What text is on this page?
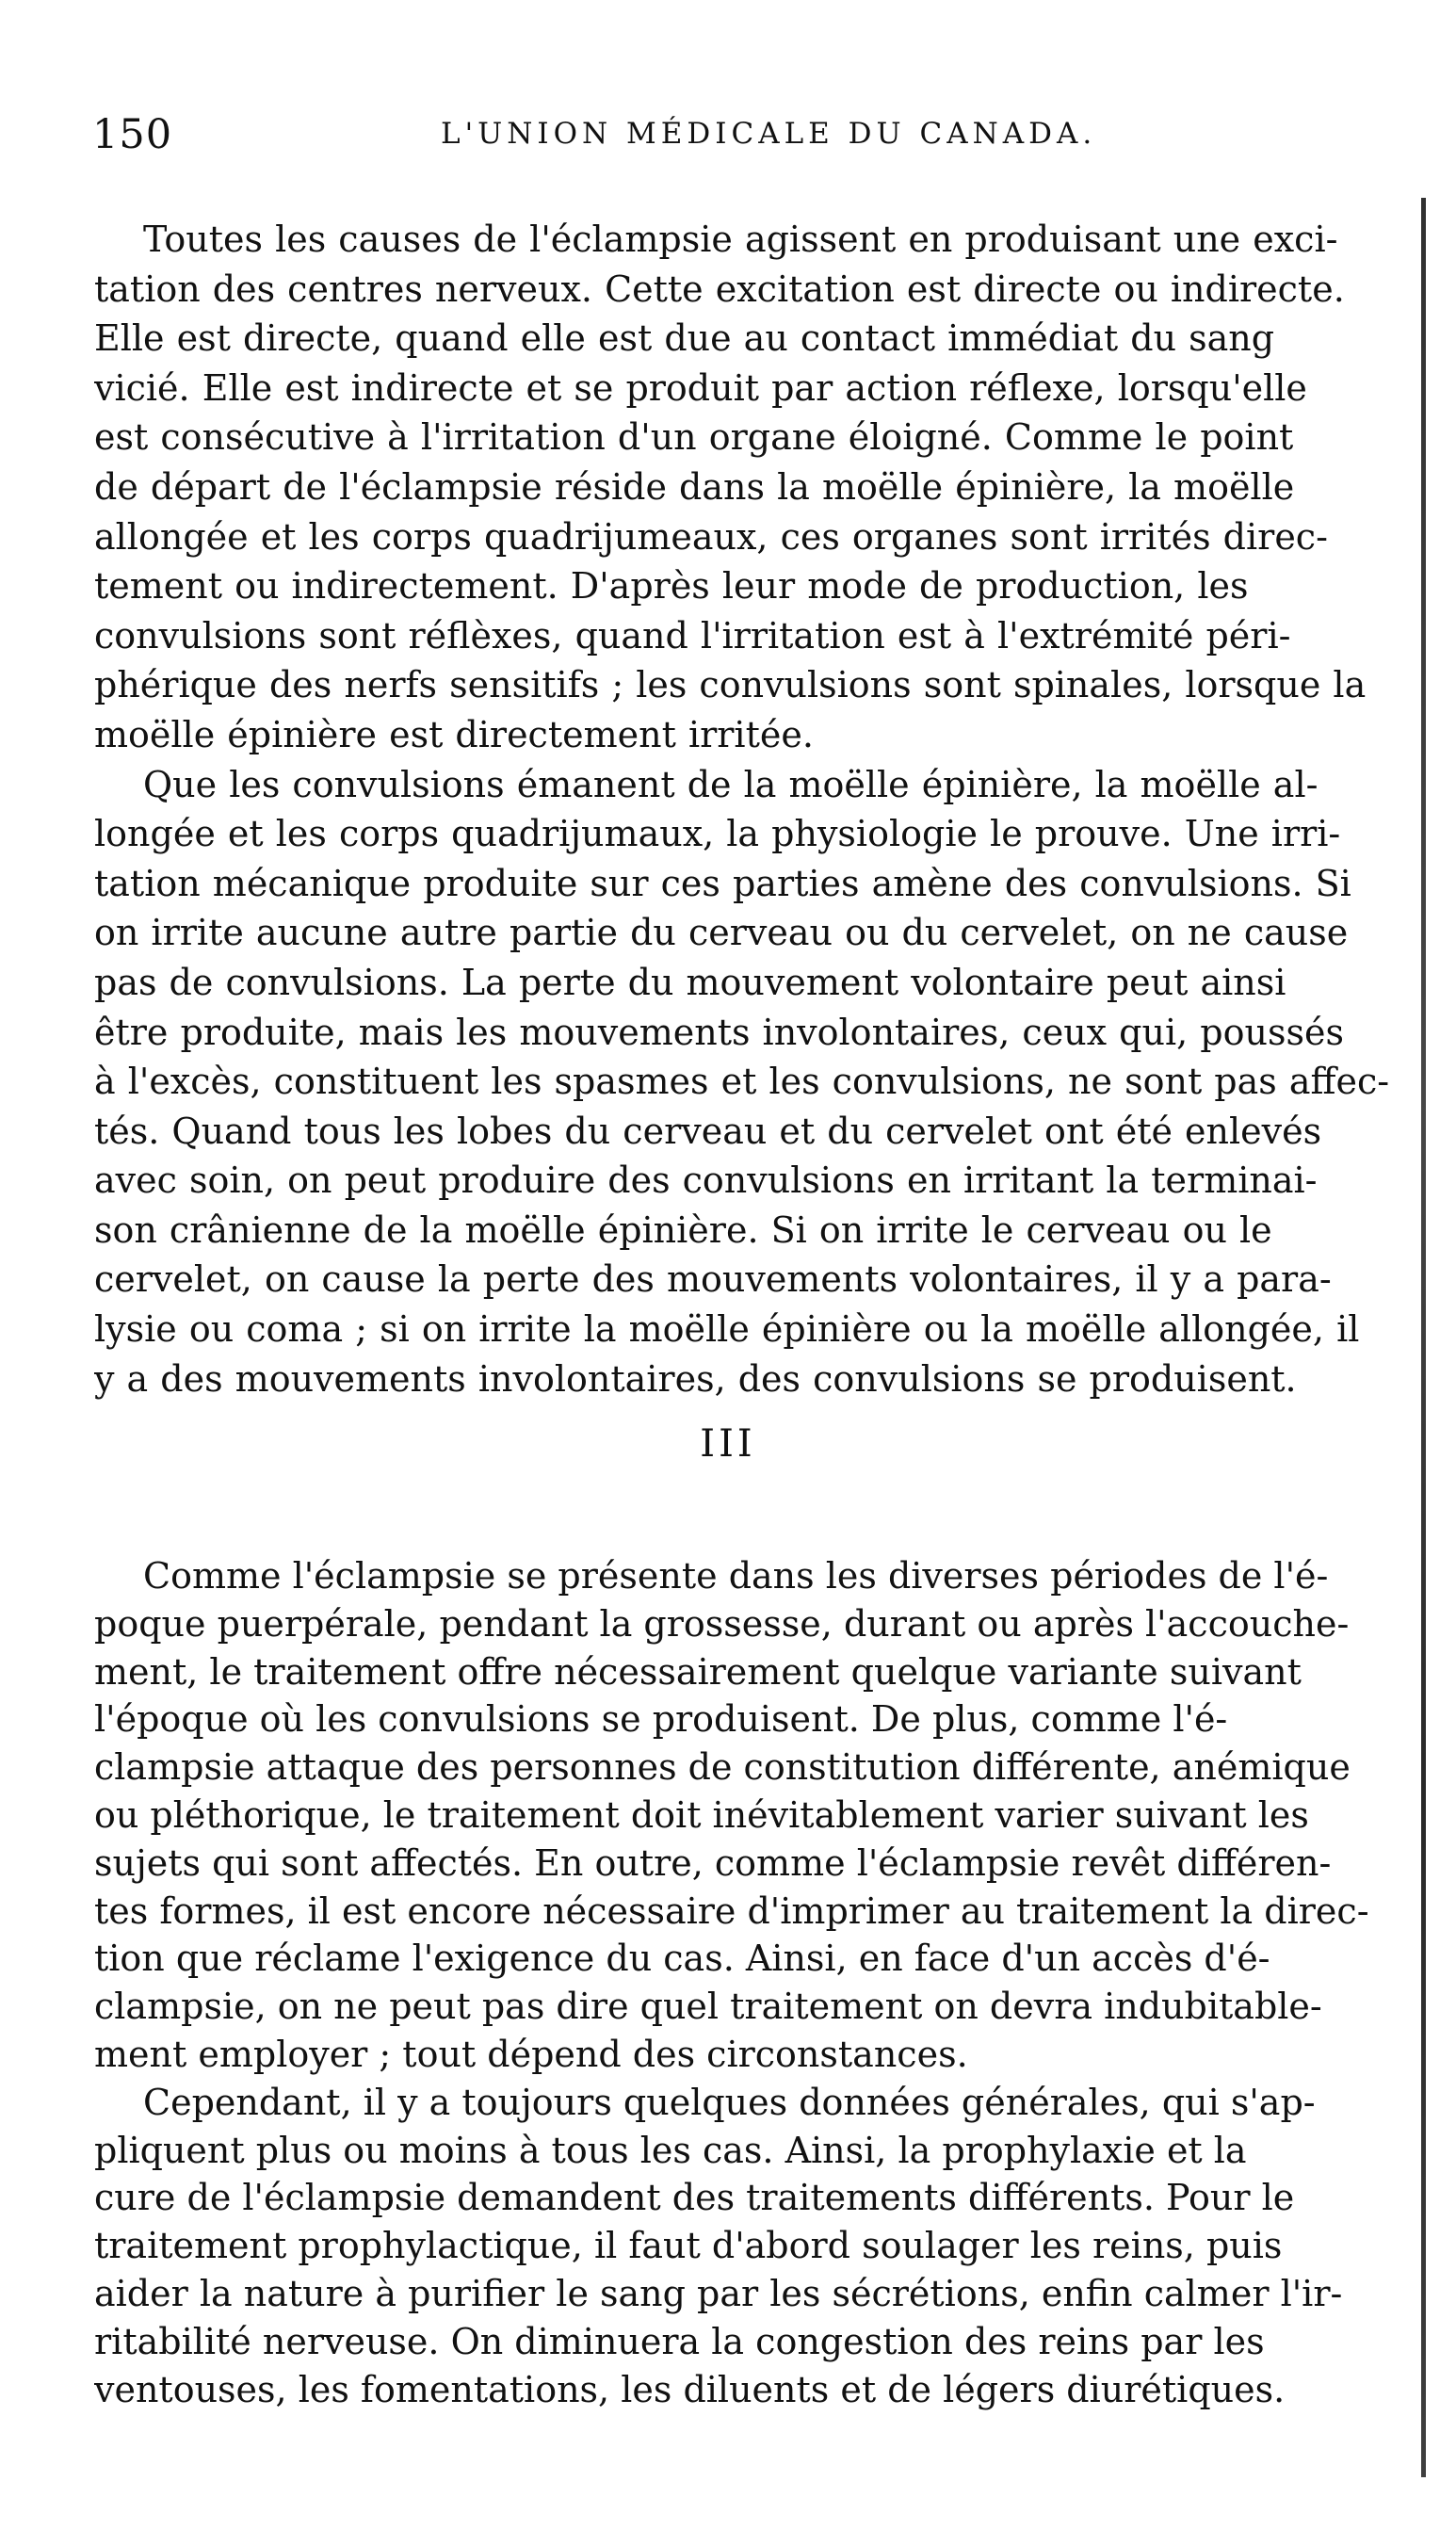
150	L'UNION MÉDICALE DU CANADA.
Toutes les causes de l'éclampsie agissent en produisant une exci-
tation des centres nerveux. Cette excitation est directe ou indirecte.
Elle est directe, quand elle est due au contact immédiat du sang
vicié. Elle est indirecte et se produit par action réflexe, lorsqu'elle
est consécutive à l'irritation d'un organe éloigné. Comme le point
de départ de l'éclampsie réside dans la moëlle épinière, la moëlle
allongée et les corps quadrijumeaux, ces organes sont irrités direc-
tement ou indirectement. D'après leur mode de production, les
convulsions sont réflèxes, quand l'irritation est à l'extrémité péri-
phérique des nerfs sensitifs ; les convulsions sont spinales, lorsque la
moëlle épinière est directement irritée.
Que les convulsions émanent de la moëlle épinière, la moëlle al-
longée et les corps quadrijumaux, la physiologie le prouve. Une irri-
tation mécanique produite sur ces parties amène des convulsions. Si
on irrite aucune autre partie du cerveau ou du cervelet, on ne cause
pas de convulsions. La perte du mouvement volontaire peut ainsi
être produite, mais les mouvements involontaires, ceux qui, poussés
à l'excès, constituent les spasmes et les convulsions, ne sont pas affec-
tés. Quand tous les lobes du cerveau et du cervelet ont été enlevés
avec soin, on peut produire des convulsions en irritant la terminai-
son crânienne de la moëlle épinière. Si on irrite le cerveau ou le
cervelet, on cause la perte des mouvements volontaires, il y a para-
lysie ou coma ; si on irrite la moëlle épinière ou la moëlle allongée, il
y a des mouvements involontaires, des convulsions se produisent.
III
Comme l'éclampsie se présente dans les diverses périodes de l'é-
poque puerpérale, pendant la grossesse, durant ou après l'accouche-
ment, le traitement offre nécessairement quelque variante suivant
l'époque où les convulsions se produisent. De plus, comme l'é-
clampsie attaque des personnes de constitution différente, anémique
ou pléthorique, le traitement doit inévitablement varier suivant les
sujets qui sont affectés. En outre, comme l'éclampsie revêt différen-
tes formes, il est encore nécessaire d'imprimer au traitement la direc-
tion que réclame l'exigence du cas. Ainsi, en face d'un accès d'é-
clampsie, on ne peut pas dire quel traitement on devra indubitable-
ment employer ; tout dépend des circonstances.
Cependant, il y a toujours quelques données générales, qui s'ap-
pliquent plus ou moins à tous les cas. Ainsi, la prophylaxie et la
cure de l'éclampsie demandent des traitements différents. Pour le
traitement prophylactique, il faut d'abord soulager les reins, puis
aider la nature à purifier le sang par les sécrétions, enfin calmer l'ir-
ritabilité nerveuse. On diminuera la congestion des reins par les
ventouses, les fomentations, les diluents et de légers diurétiques.
